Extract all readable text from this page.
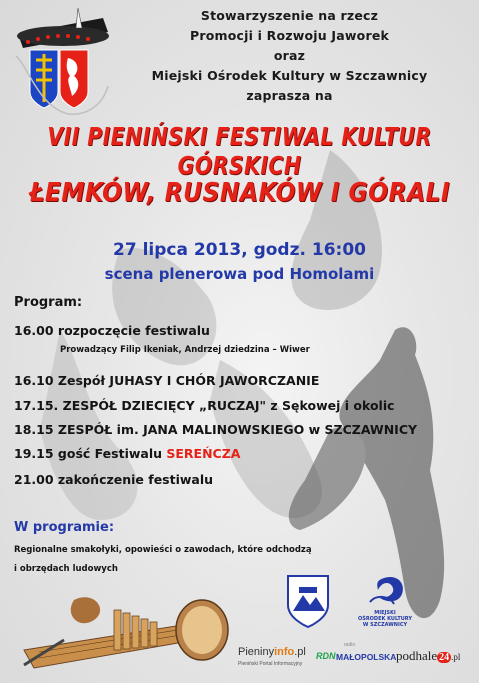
Stowarzyszenie na rzecz
Promocji i Rozwoju Jaworek
oraz
Miejski Ośrodek Kultury w Szczawnicy
zaprasza na
VII PIENIŃSKI FESTIWAL KULTUR GÓRSKICH
ŁEMKÓW, RUSNAKÓW I GÓRALI
27 lipca 2013, godz. 16:00
scena plenerowa pod Homolami
Program:
16.00 rozpoczęcie festiwalu
Prowadzący Filip Ikeniak, Andrzej dziedzina – Wiwer
16.10 Zespół JUHASY I CHÓR JAWORCZANIE
17.15. ZESPÓŁ DZIECIĘCY „RUCZAJ" z Sękowej i okolic
18.15 ZESPÓŁ im. JANA MALINOWSKIEGO w SZCZAWNICY
19.15 gość Festiwalu SEREŃCZA
21.00 zakończenie festiwalu
W programie:
Regionalne smakołyki, opowieści o zawodach, które odchodzą
i obrzędach ludowych
MIEJSKI
OŚRODEK KULTURY
W SZCZAWNICY
Pieninyinfo.pl
Pieniński Portal Informacyjny
radio
RDN MAŁOPOLSKA podhale 24 .pl
